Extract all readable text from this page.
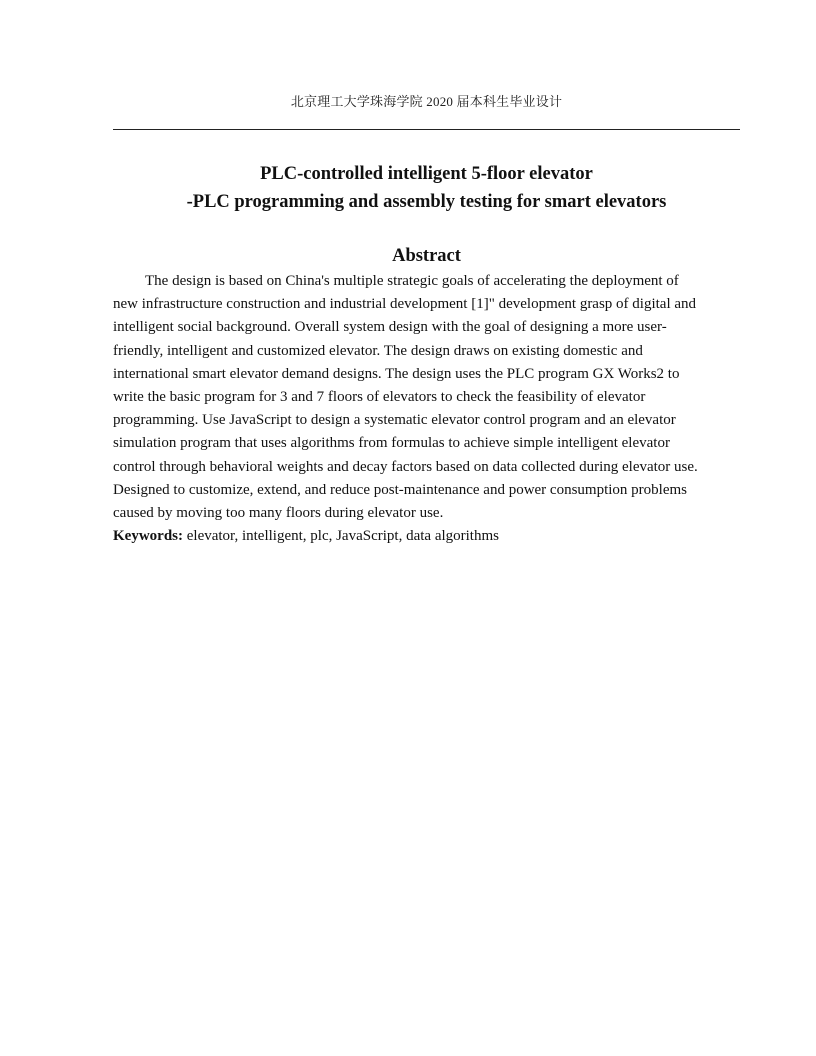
北京理工大学珠海学院 2020 届本科生毕业设计
PLC-controlled intelligent 5-floor elevator
-PLC programming and assembly testing for smart elevators
Abstract
The design is based on China's multiple strategic goals of accelerating the deployment of
new infrastructure construction and industrial development [1]" development grasp of digital and
intelligent social background. Overall system design with the goal of designing a more user-
friendly, intelligent and customized elevator. The design draws on existing domestic and
international smart elevator demand designs. The design uses the PLC program GX Works2 to
write the basic program for 3 and 7 floors of elevators to check the feasibility of elevator
programming. Use JavaScript to design a systematic elevator control program and an elevator
simulation program that uses algorithms from formulas to achieve simple intelligent elevator
control through behavioral weights and decay factors based on data collected during elevator use.
Designed to customize, extend, and reduce post-maintenance and power consumption problems
caused by moving too many floors during elevator use.
Keywords: elevator, intelligent, plc, JavaScript, data algorithms
